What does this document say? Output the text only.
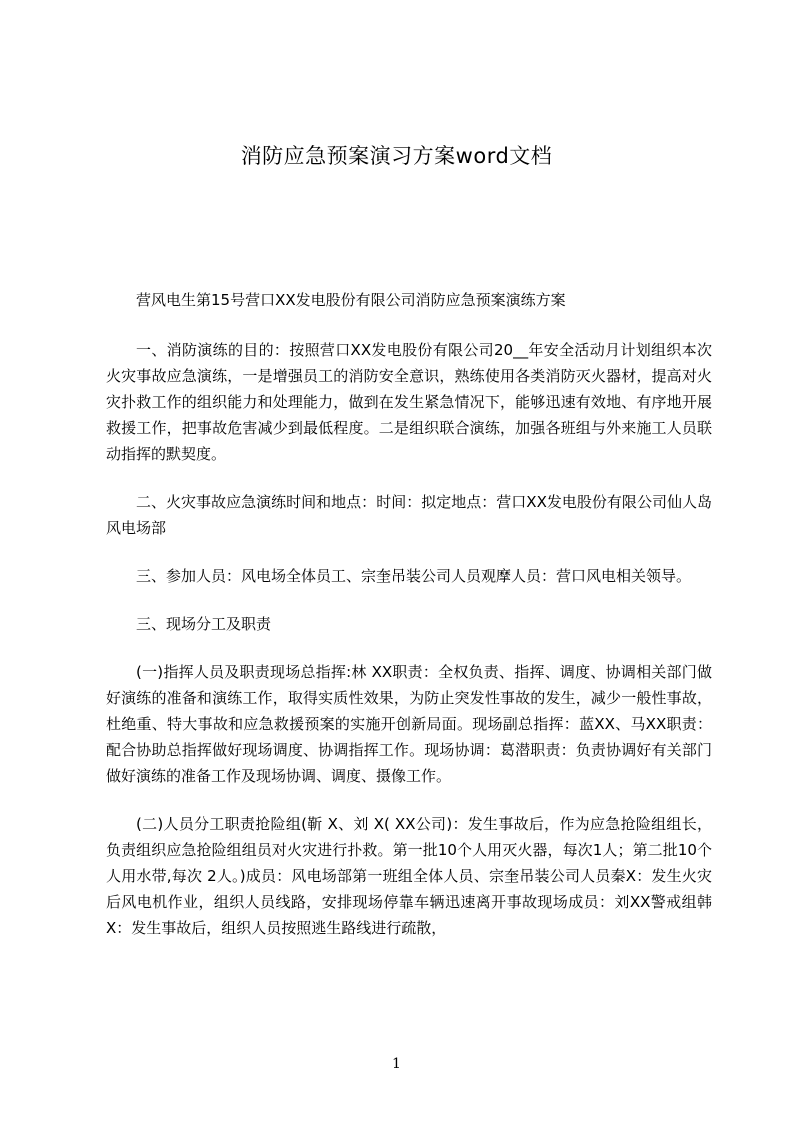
消防应急预案演习方案word文档

营风电生第15号营口XX发电股份有限公司消防应急预案演练方案

一、消防演练的目的：按照营口XX发电股份有限公司20__年安全活动月计划组织本次火灾事故应急演练，一是增强员工的消防安全意识，熟练使用各类消防灭火器材，提高对火灾扑救工作的组织能力和处理能力，做到在发生紧急情况下，能够迅速有效地、有序地开展救援工作，把事故危害减少到最低程度。二是组织联合演练，加强各班组与外来施工人员联动指挥的默契度。

二、火灾事故应急演练时间和地点：时间：拟定地点：营口XX发电股份有限公司仙人岛风电场部

三、参加人员：风电场全体员工、宗奎吊装公司人员观摩人员：营口风电相关领导。

三、现场分工及职责

(一)指挥人员及职责现场总指挥:林 XX职责：全权负责、指挥、调度、协调相关部门做好演练的准备和演练工作，取得实质性效果，为防止突发性事故的发生，减少一般性事故，杜绝重、特大事故和应急救援预案的实施开创新局面。现场副总指挥：蓝XX、马XX职责：配合协助总指挥做好现场调度、协调指挥工作。现场协调：葛潜职责：负责协调好有关部门做好演练的准备工作及现场协调、调度、摄像工作。

(二)人员分工职责抢险组(靳 X、刘 X( XX公司)：发生事故后，作为应急抢险组组长，负责组织应急抢险组组员对火灾进行扑救。第一批10个人用灭火器，每次1人；第二批10个人用水带,每次 2人。)成员：风电场部第一班组全体人员、宗奎吊装公司人员秦X：发生火灾后风电机作业，组织人员线路，安排现场停靠车辆迅速离开事故现场成员：刘XX警戒组韩X：发生事故后，组织人员按照逃生路线进行疏散，

1
